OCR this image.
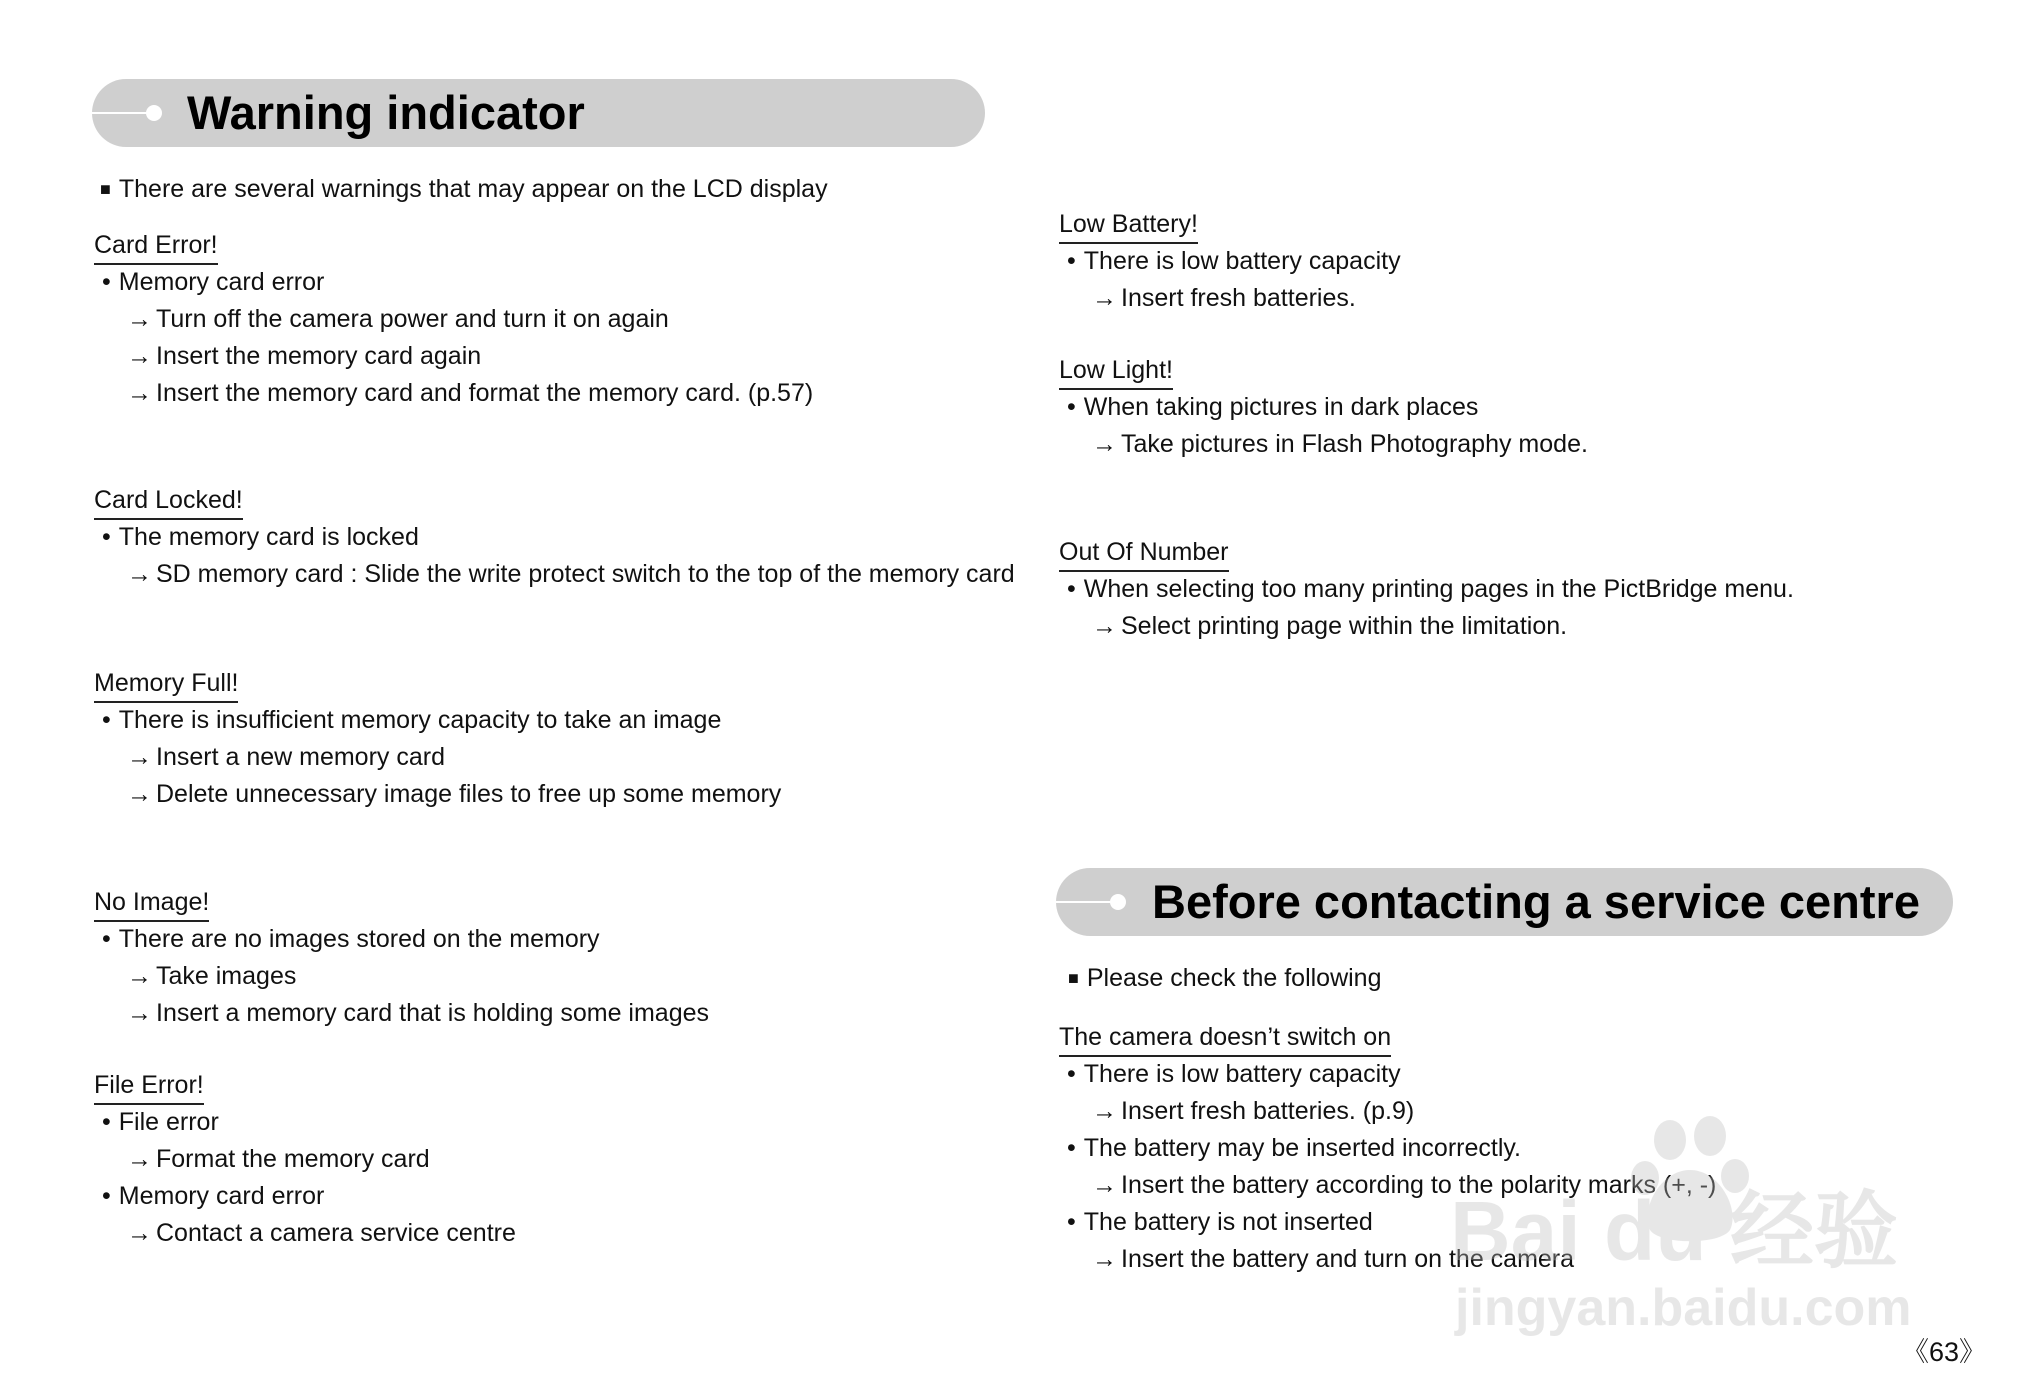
Warning indicator
■ There are several warnings that may appear on the LCD display
Card Error!
• Memory card error
→ Turn off the camera power and turn it on again
→ Insert the memory card again
→ Insert the memory card and format the memory card. (p.57)
Card Locked!
• The memory card is locked
→ SD memory card : Slide the write protect switch to the top of the memory card
Memory Full!
• There is insufficient memory capacity to take an image
→ Insert a new memory card
→ Delete unnecessary image files to free up some memory
No Image!
• There are no images stored on the memory
→ Take images
→ Insert a memory card that is holding some images
File Error!
• File error
→ Format the memory card
• Memory card error
→ Contact a camera service centre
Low Battery!
• There is low battery capacity
→ Insert fresh batteries.
Low Light!
• When taking pictures in dark places
→ Take pictures in Flash Photography mode.
Out Of Number
• When selecting too many printing pages in the PictBridge menu.
→ Select printing page within the limitation.
Before contacting a service centre
■ Please check the following
The camera doesn’t switch on
• There is low battery capacity
→ Insert fresh batteries. (p.9)
• The battery may be inserted incorrectly.
→ Insert the battery according to the polarity marks (+, -)
• The battery is not inserted
→ Insert the battery and turn on the camera
Bai du 经验
jingyan.baidu.com
《 63 》
